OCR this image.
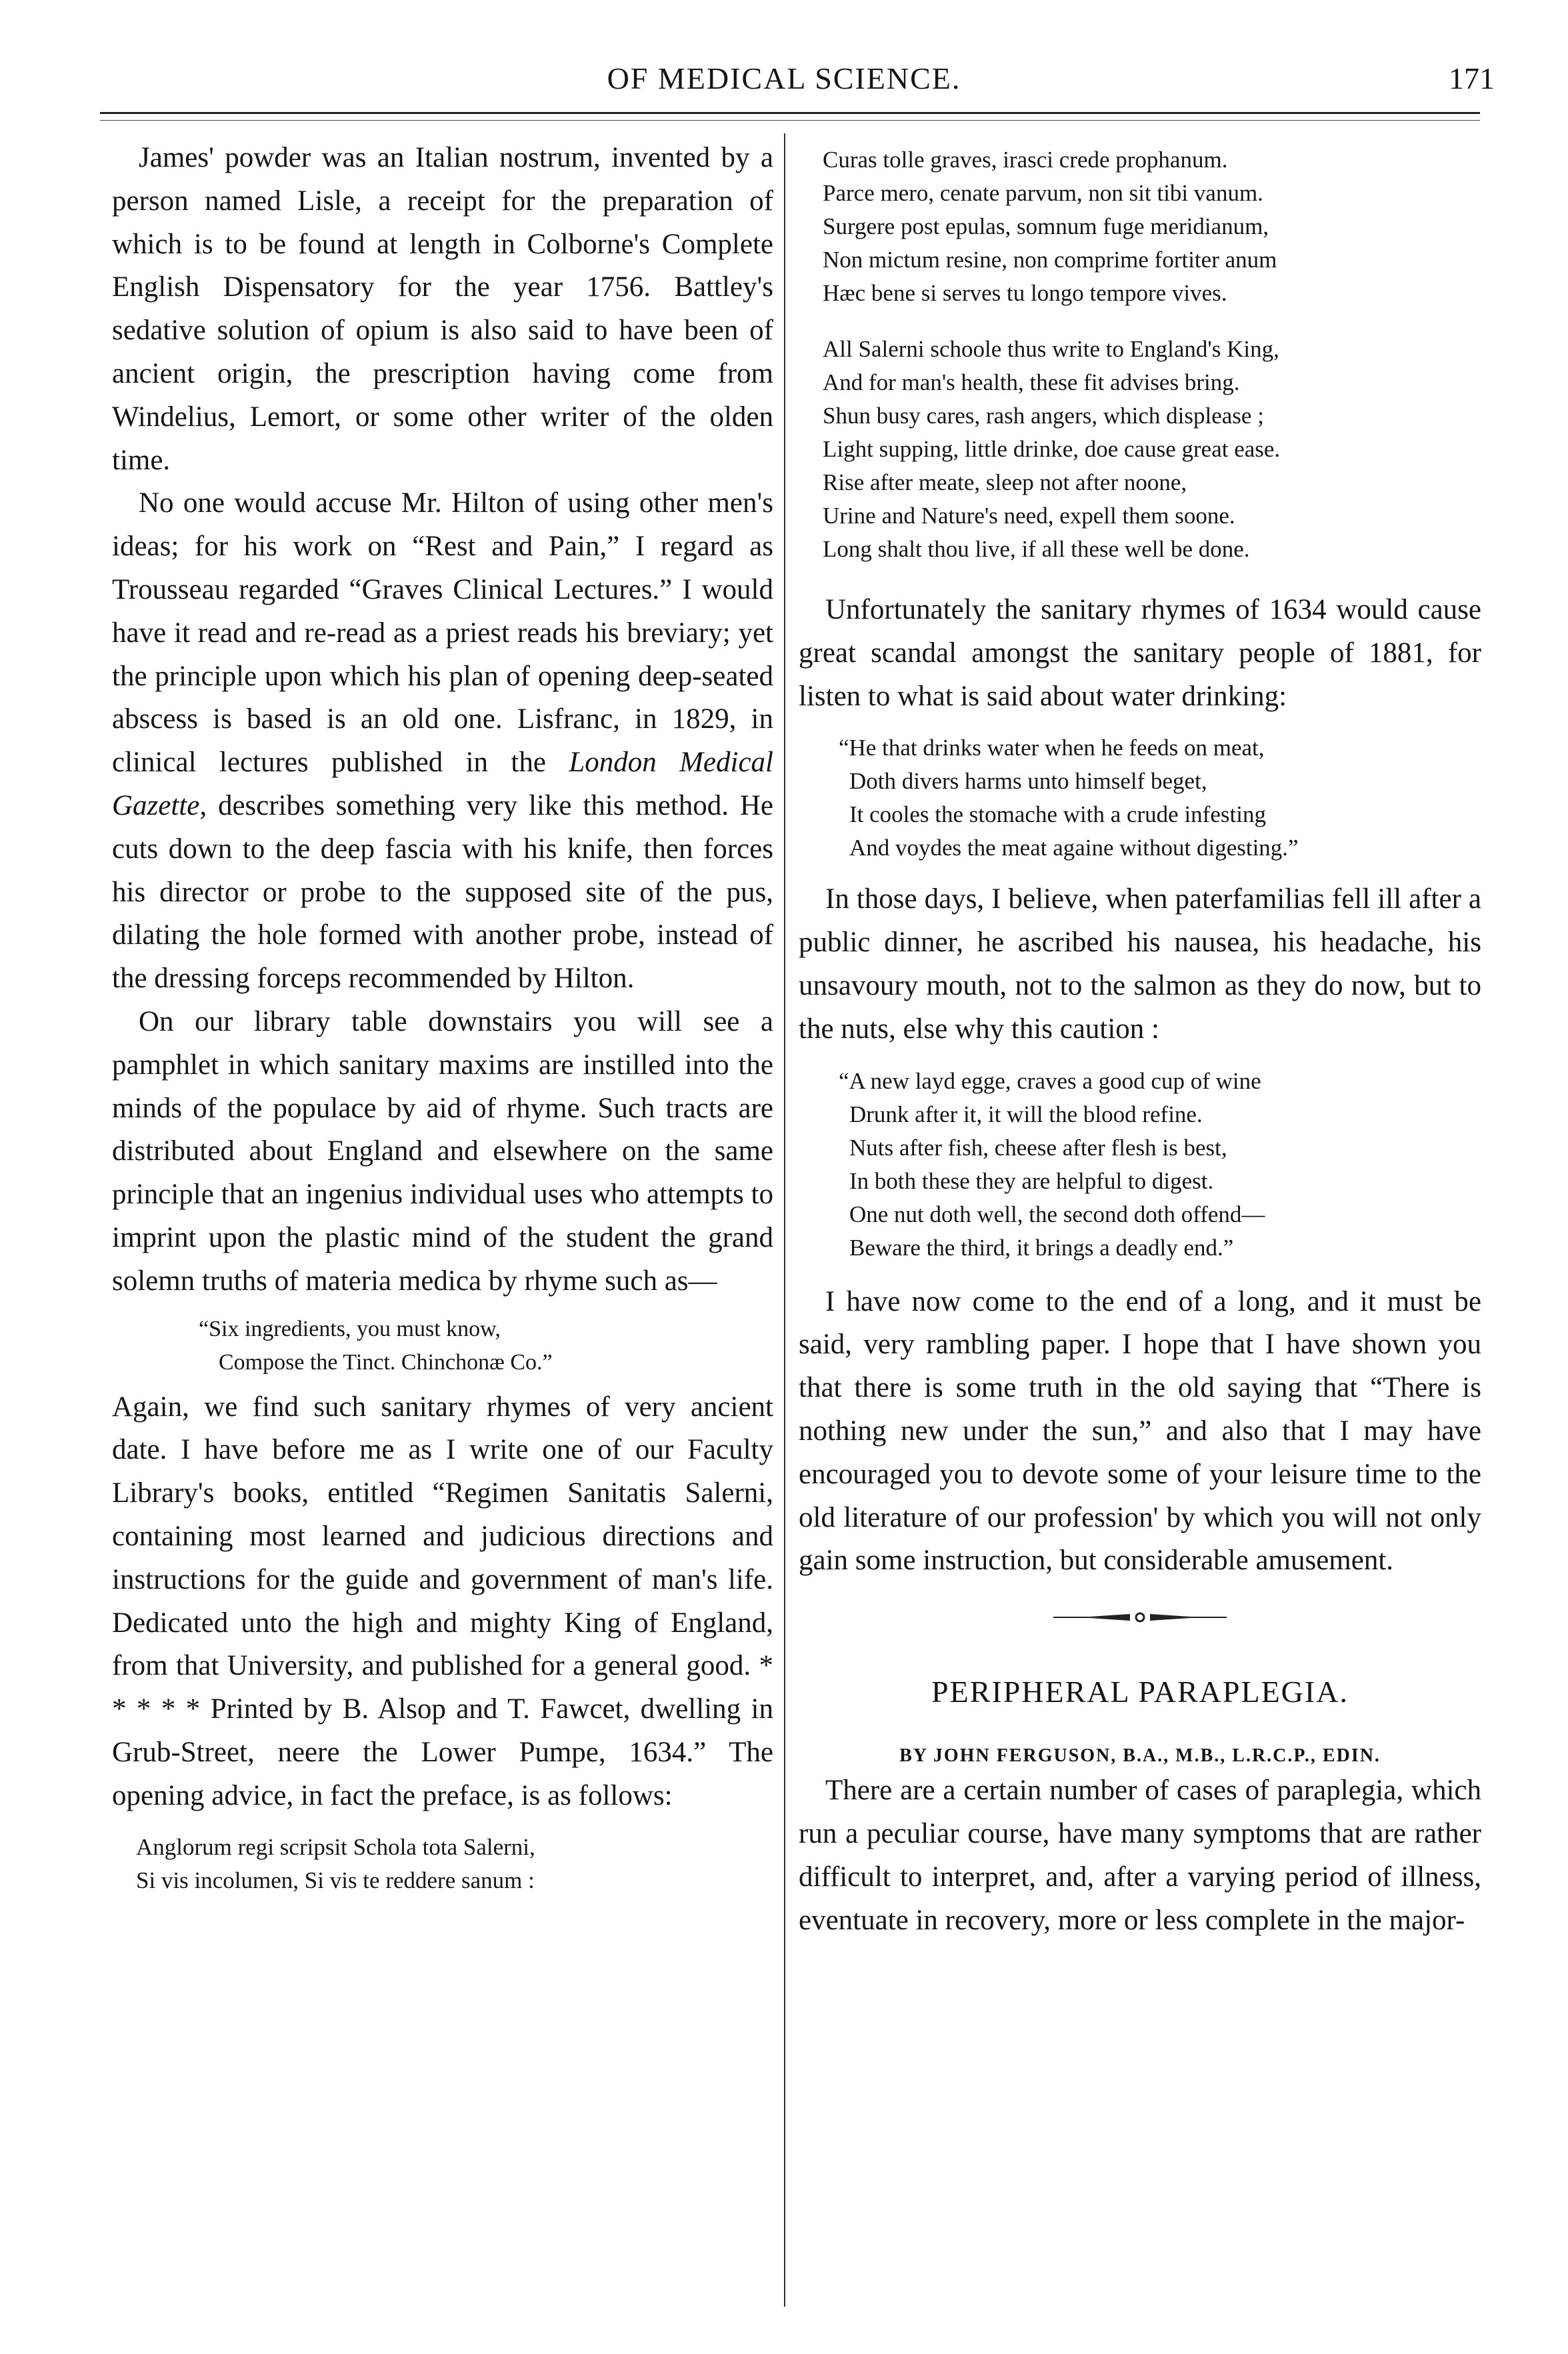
OF MEDICAL SCIENCE.	171

James' powder was an Italian nostrum, invented by a person named Lisle, a receipt for the preparation of which is to be found at length in Colborne's Complete English Dispensatory for the year 1756. Battley's sedative solution of opium is also said to have been of ancient origin, the prescription having come from Windelius, Lemort, or some other writer of the olden time.

No one would accuse Mr. Hilton of using other men's ideas; for his work on “Rest and Pain,” I regard as Trousseau regarded “Graves Clinical Lectures.” I would have it read and re-read as a priest reads his breviary; yet the principle upon which his plan of opening deep-seated abscess is based is an old one. Lisfranc, in 1829, in clinical lectures published in the London Medical Gazette, describes something very like this method. He cuts down to the deep fascia with his knife, then forces his director or probe to the supposed site of the pus, dilating the hole formed with another probe, instead of the dressing forceps recommended by Hilton.

On our library table downstairs you will see a pamphlet in which sanitary maxims are instilled into the minds of the populace by aid of rhyme. Such tracts are distributed about England and elsewhere on the same principle that an ingenius individual uses who attempts to imprint upon the plastic mind of the student the grand solemn truths of materia medica by rhyme such as—

“Six ingredients, you must know,
Compose the Tinct. Chinchonæ Co.”

Again, we find such sanitary rhymes of very ancient date. I have before me as I write one of our Faculty Library's books, entitled “Regimen Sanitatis Salerni, containing most learned and judicious directions and instructions for the guide and government of man's life. Dedicated unto the high and mighty King of England, from that University, and published for a general good. * * * * * Printed by B. Alsop and T. Fawcet, dwelling in Grub-Street, neere the Lower Pumpe, 1634.” The opening advice, in fact the preface, is as follows:

Anglorum regi scripsit Schola tota Salerni,
Si vis incolumen, Si vis te reddere sanum :
Curas tolle graves, irasci crede prophanum.
Parce mero, cenate parvum, non sit tibi vanum.
Surgere post epulas, somnum fuge meridianum,
Non mictum resine, non comprime fortiter anum
Hæc bene si serves tu longo tempore vives.
All Salerni schoole thus write to England's King,
And for man's health, these fit advises bring.
Shun busy cares, rash angers, which displease ;
Light supping, little drinke, doe cause great ease.
Rise after meate, sleep not after noone,
Urine and Nature's need, expell them soone.
Long shalt thou live, if all these well be done.

Unfortunately the sanitary rhymes of 1634 would cause great scandal amongst the sanitary people of 1881, for listen to what is said about water drinking:

“He that drinks water when he feeds on meat,
Doth divers harms unto himself beget,
It cooles the stomache with a crude infesting
And voydes the meat againe without digesting.”

In those days, I believe, when paterfamilias fell ill after a public dinner, he ascribed his nausea, his headache, his unsavoury mouth, not to the salmon as they do now, but to the nuts, else why this caution :

“A new layd egge, craves a good cup of wine
Drunk after it, it will the blood refine.
Nuts after fish, cheese after flesh is best,
In both these they are helpful to digest.
One nut doth well, the second doth offend—
Beware the third, it brings a deadly end.”

I have now come to the end of a long, and it must be said, very rambling paper. I hope that I have shown you that there is some truth in the old saying that “There is nothing new under the sun,” and also that I may have encouraged you to devote some of your leisure time to the old literature of our profession' by which you will not only gain some instruction, but considerable amusement.

PERIPHERAL PARAPLEGIA.
BY JOHN FERGUSON, B.A., M.B., L.R.C.P., EDIN.

There are a certain number of cases of paraplegia, which run a peculiar course, have many symptoms that are rather difficult to interpret, and, after a varying period of illness, eventuate in recovery, more or less complete in the major-
